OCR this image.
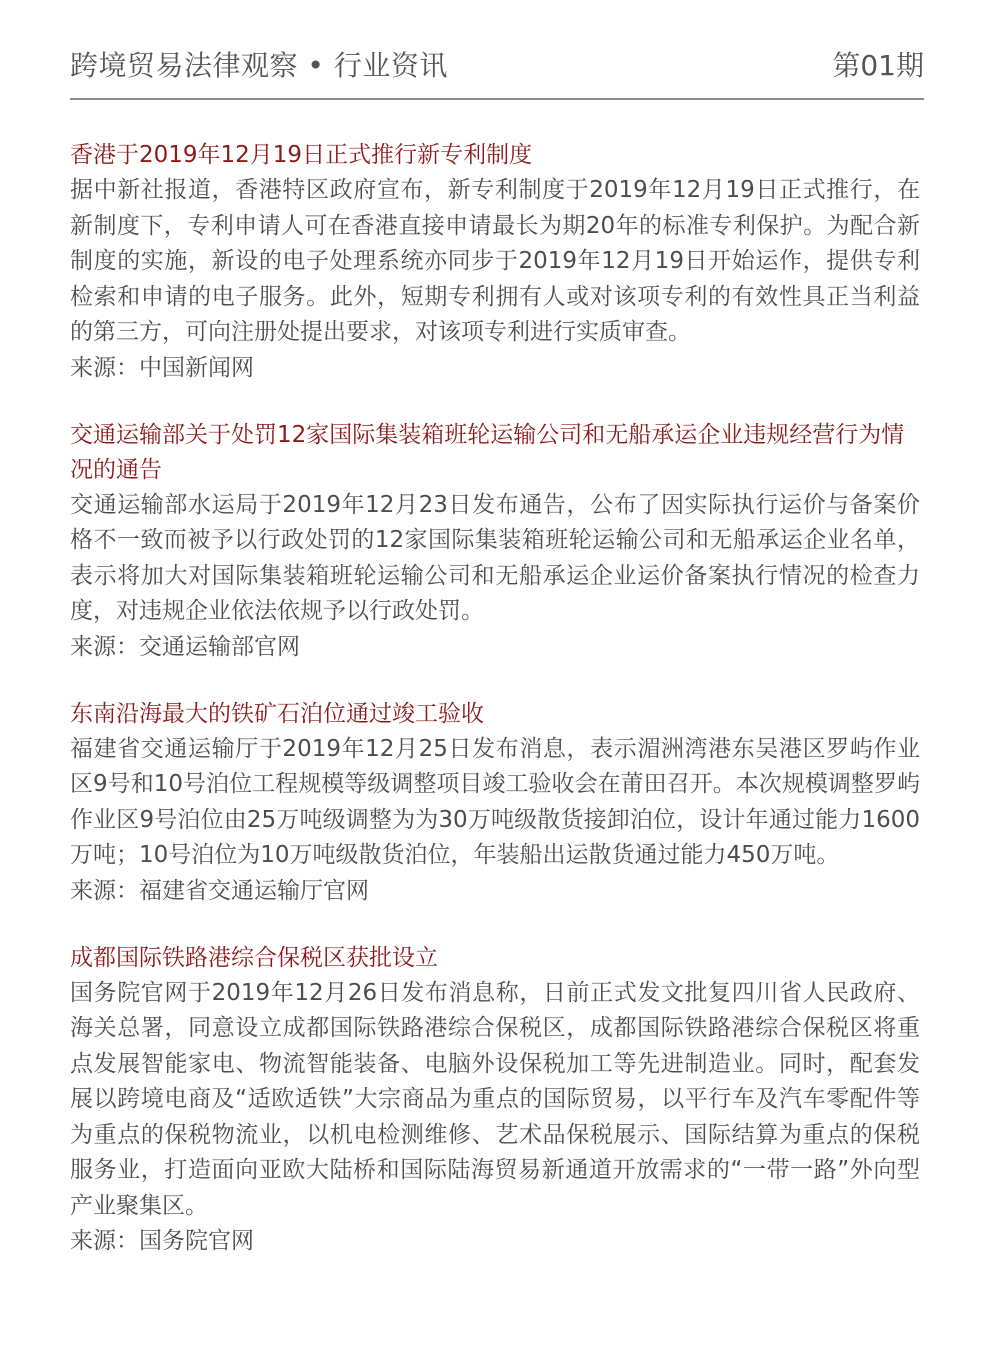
跨境贸易法律观察 • 行业资讯	第01期
香港于2019年12月19日正式推行新专利制度

据中新社报道，香港特区政府宣布，新专利制度于2019年12月19日正式推行，在新制度下，专利申请人可在香港直接申请最长为期20年的标准专利保护。为配合新制度的实施，新设的电子处理系统亦同步于2019年12月19日开始运作，提供专利检索和申请的电子服务。此外，短期专利拥有人或对该项专利的有效性具正当利益的第三方，可向注册处提出要求，对该项专利进行实质审查。

来源：中国新闻网

交通运输部关于处罚12家国际集装箱班轮运输公司和无船承运企业违规经营行为情况的通告

交通运输部水运局于2019年12月23日发布通告，公布了因实际执行运价与备案价格不一致而被予以行政处罚的12家国际集装箱班轮运输公司和无船承运企业名单，表示将加大对国际集装箱班轮运输公司和无船承运企业运价备案执行情况的检查力度，对违规企业依法依规予以行政处罚。

来源：交通运输部官网

东南沿海最大的铁矿石泊位通过竣工验收

福建省交通运输厅于2019年12月25日发布消息，表示湄洲湾港东吴港区罗屿作业区9号和10号泊位工程规模等级调整项目竣工验收会在莆田召开。本次规模调整罗屿作业区9号泊位由25万吨级调整为为30万吨级散货接卸泊位，设计年通过能力1600万吨；10号泊位为10万吨级散货泊位，年装船出运散货通过能力450万吨。

来源：福建省交通运输厅官网

成都国际铁路港综合保税区获批设立

国务院官网于2019年12月26日发布消息称，日前正式发文批复四川省人民政府、海关总署，同意设立成都国际铁路港综合保税区，成都国际铁路港综合保税区将重点发展智能家电、物流智能装备、电脑外设保税加工等先进制造业。同时，配套发展以跨境电商及“适欧适铁”大宗商品为重点的国际贸易，以平行车及汽车零配件等为重点的保税物流业，以机电检测维修、艺术品保税展示、国际结算为重点的保税服务业，打造面向亚欧大陆桥和国际陆海贸易新通道开放需求的“一带一路”外向型产业聚集区。

来源：国务院官网
